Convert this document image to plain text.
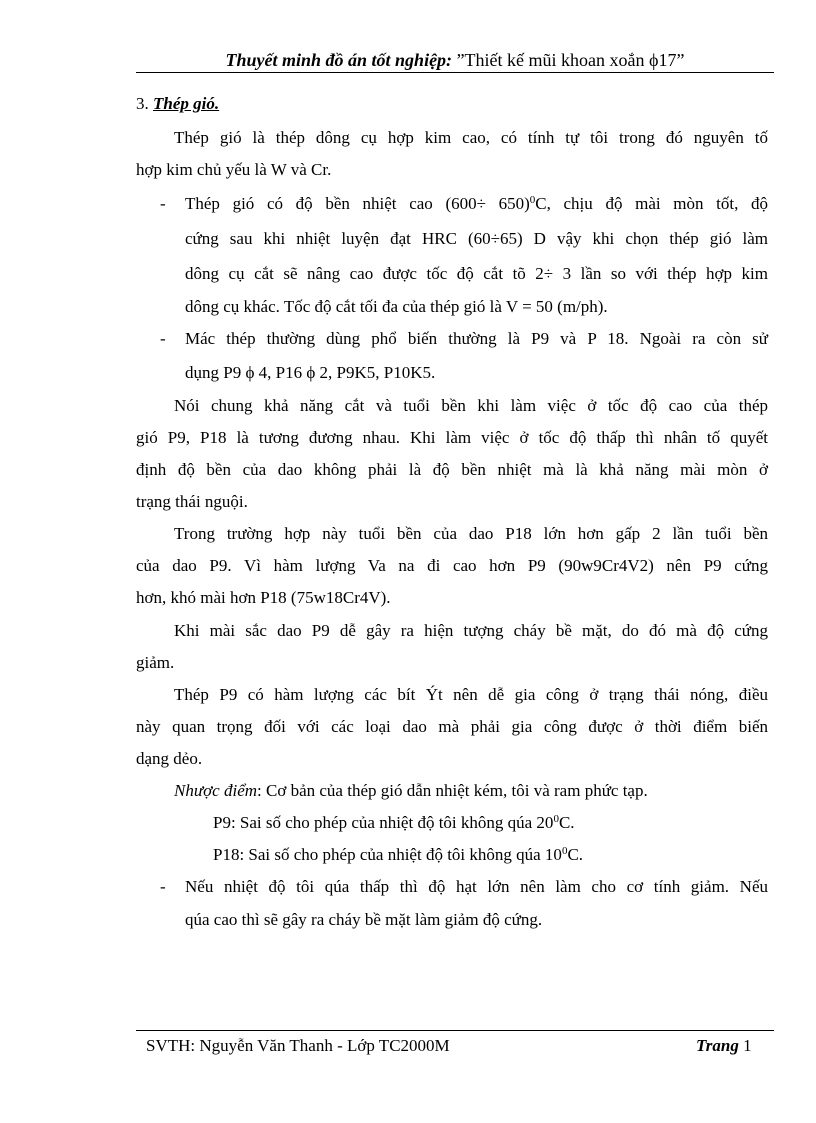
Thuyết minh đồ án tốt nghiệp: ”Thiết kế mũi khoan xoắn ϕ17”
3. Thép gió.
Thép gió là thép dông cụ hợp kim cao, có tính tự tôi trong đó nguyên tố
hợp kim chủ yếu là W và Cr.
- Thép gió có độ bền nhiệt cao $(600\div 650)^0C$, chịu độ mài mòn tốt, độ
cứng sau khi nhiệt luyện đạt HRC (60÷65) D vậy khi chọn thép gió làm
dông cụ cắt sẽ nâng cao được tốc độ cắt tõ 2÷ 3 lần so với thép hợp kim
dông cụ khác. Tốc độ cắt tối đa của thép gió là V = 50 (m/ph).
- Mác thép thường dùng phổ biến thường là P9 và P 18. Ngoài ra còn sử
dụng P9 ϕ 4, P16 ϕ 2, P9K5, P10K5.
Nói chung khả năng cắt và tuổi bền khi làm việc ở tốc độ cao của thép
gió P9, P18 là tương đương nhau. Khi làm việc ở tốc độ thấp thì nhân tố quyết
định độ bền của dao không phải là độ bền nhiệt mà là khả năng mài mòn ở
trạng thái nguội.
Trong trường hợp này tuổi bền của dao P18 lớn hơn gấp 2 lần tuổi bền
của dao P9. Vì hàm lượng Va na đi cao hơn P9 (90w9Cr4V2) nên P9 cứng
hơn, khó mài hơn P18 (75w18Cr4V).
Khi mài sắc dao P9 dễ gây ra hiện tượng cháy bề mặt, do đó mà độ cứng
giảm.
Thép P9 có hàm lượng các bít Ýt nên dễ gia công ở trạng thái nóng, điều
này quan trọng đối với các loại dao mà phải gia công được ở thời điểm biến
dạng dẻo.
Nhược điểm: Cơ bản của thép gió dẫn nhiệt kém, tôi và ram phức tạp.
P9: Sai số cho phép của nhiệt độ tôi không qúa $20^0C$.
P18: Sai số cho phép của nhiệt độ tôi không qúa $10^0C$.
- Nếu nhiệt độ tôi qúa thấp thì độ hạt lớn nên làm cho cơ tính giảm. Nếu
qúa cao thì sẽ gây ra cháy bề mặt làm giảm độ cứng.
SVTH: Nguyễn Văn Thanh - Lớp TC2000M	Trang 1
